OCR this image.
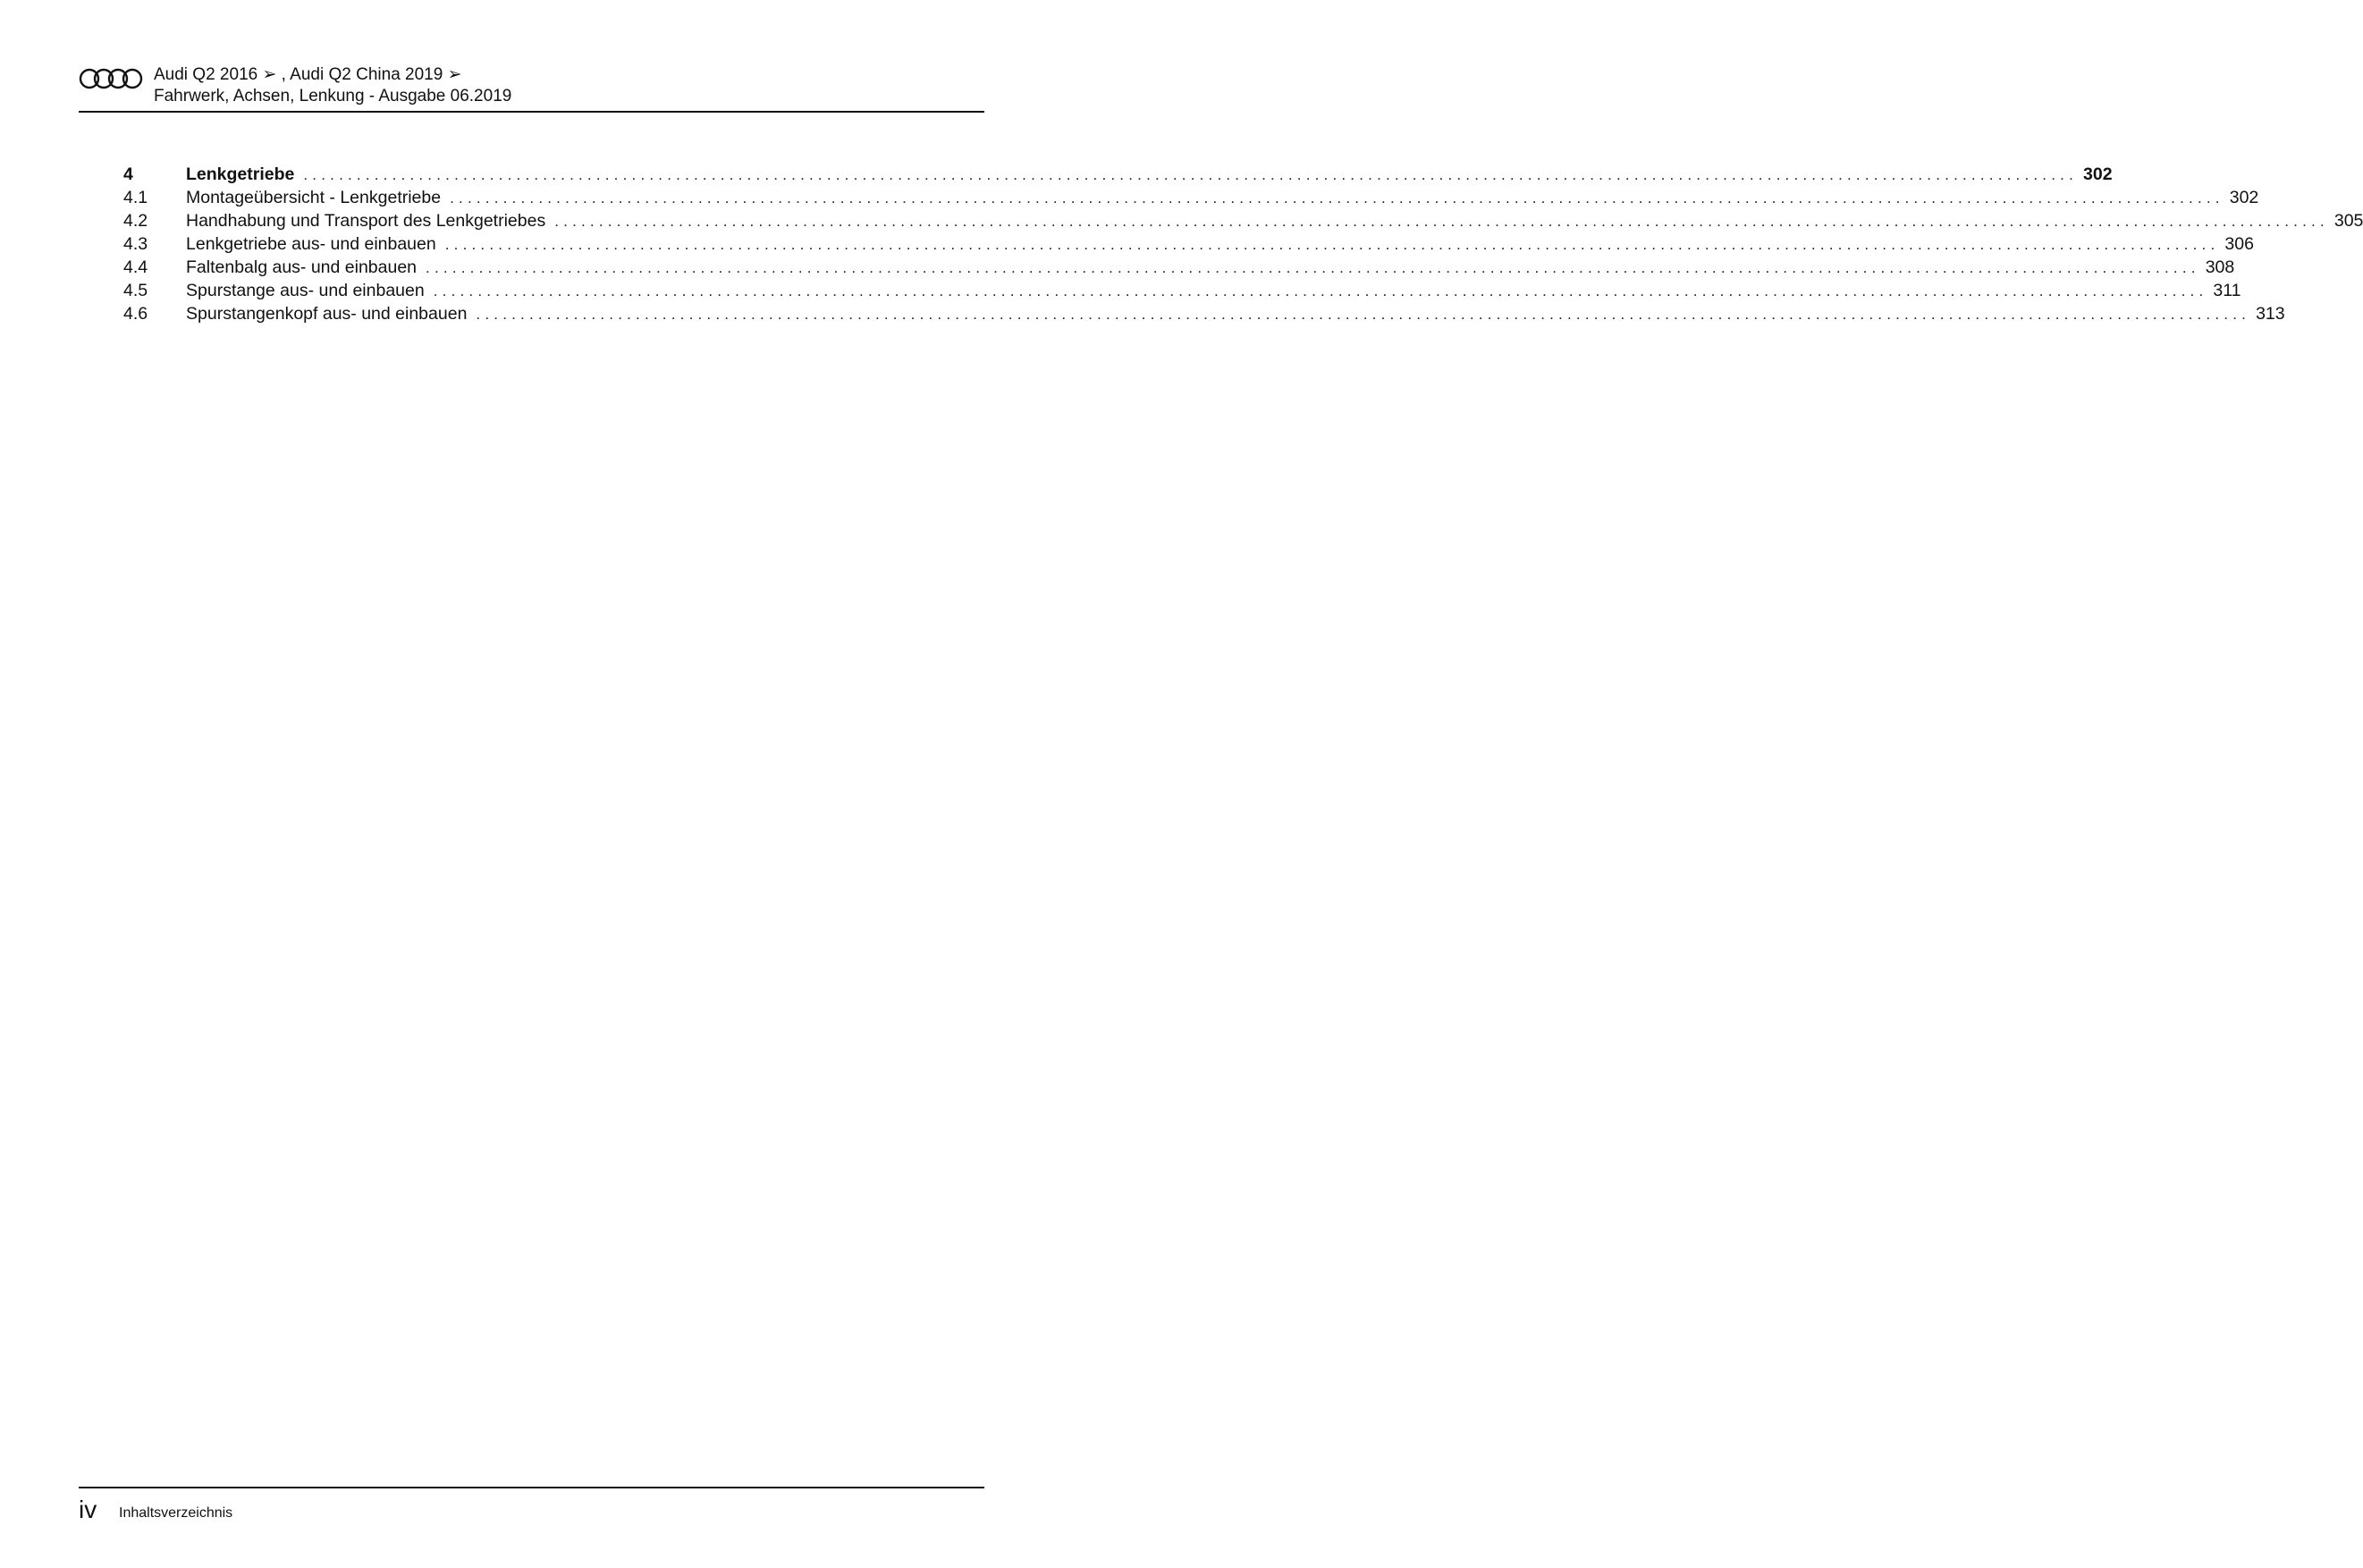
Audi Q2 2016 ➢ , Audi Q2 China 2019 ➢
Fahrwerk, Achsen, Lenkung - Ausgabe 06.2019
4	Lenkgetriebe ........................................................................................................................................................................................................ 302
4.1	Montageübersicht - Lenkgetriebe ........................................................................................................................................................................................................ 302
4.2	Handhabung und Transport des Lenkgetriebes ........................................................................................................................................................................................................ 305
4.3	Lenkgetriebe aus- und einbauen ........................................................................................................................................................................................................ 306
4.4	Faltenbalg aus- und einbauen ........................................................................................................................................................................................................ 308
4.5	Spurstange aus- und einbauen ........................................................................................................................................................................................................ 311
4.6	Spurstangenkopf aus- und einbauen ........................................................................................................................................................................................................ 313
iv Inhaltsverzeichnis
